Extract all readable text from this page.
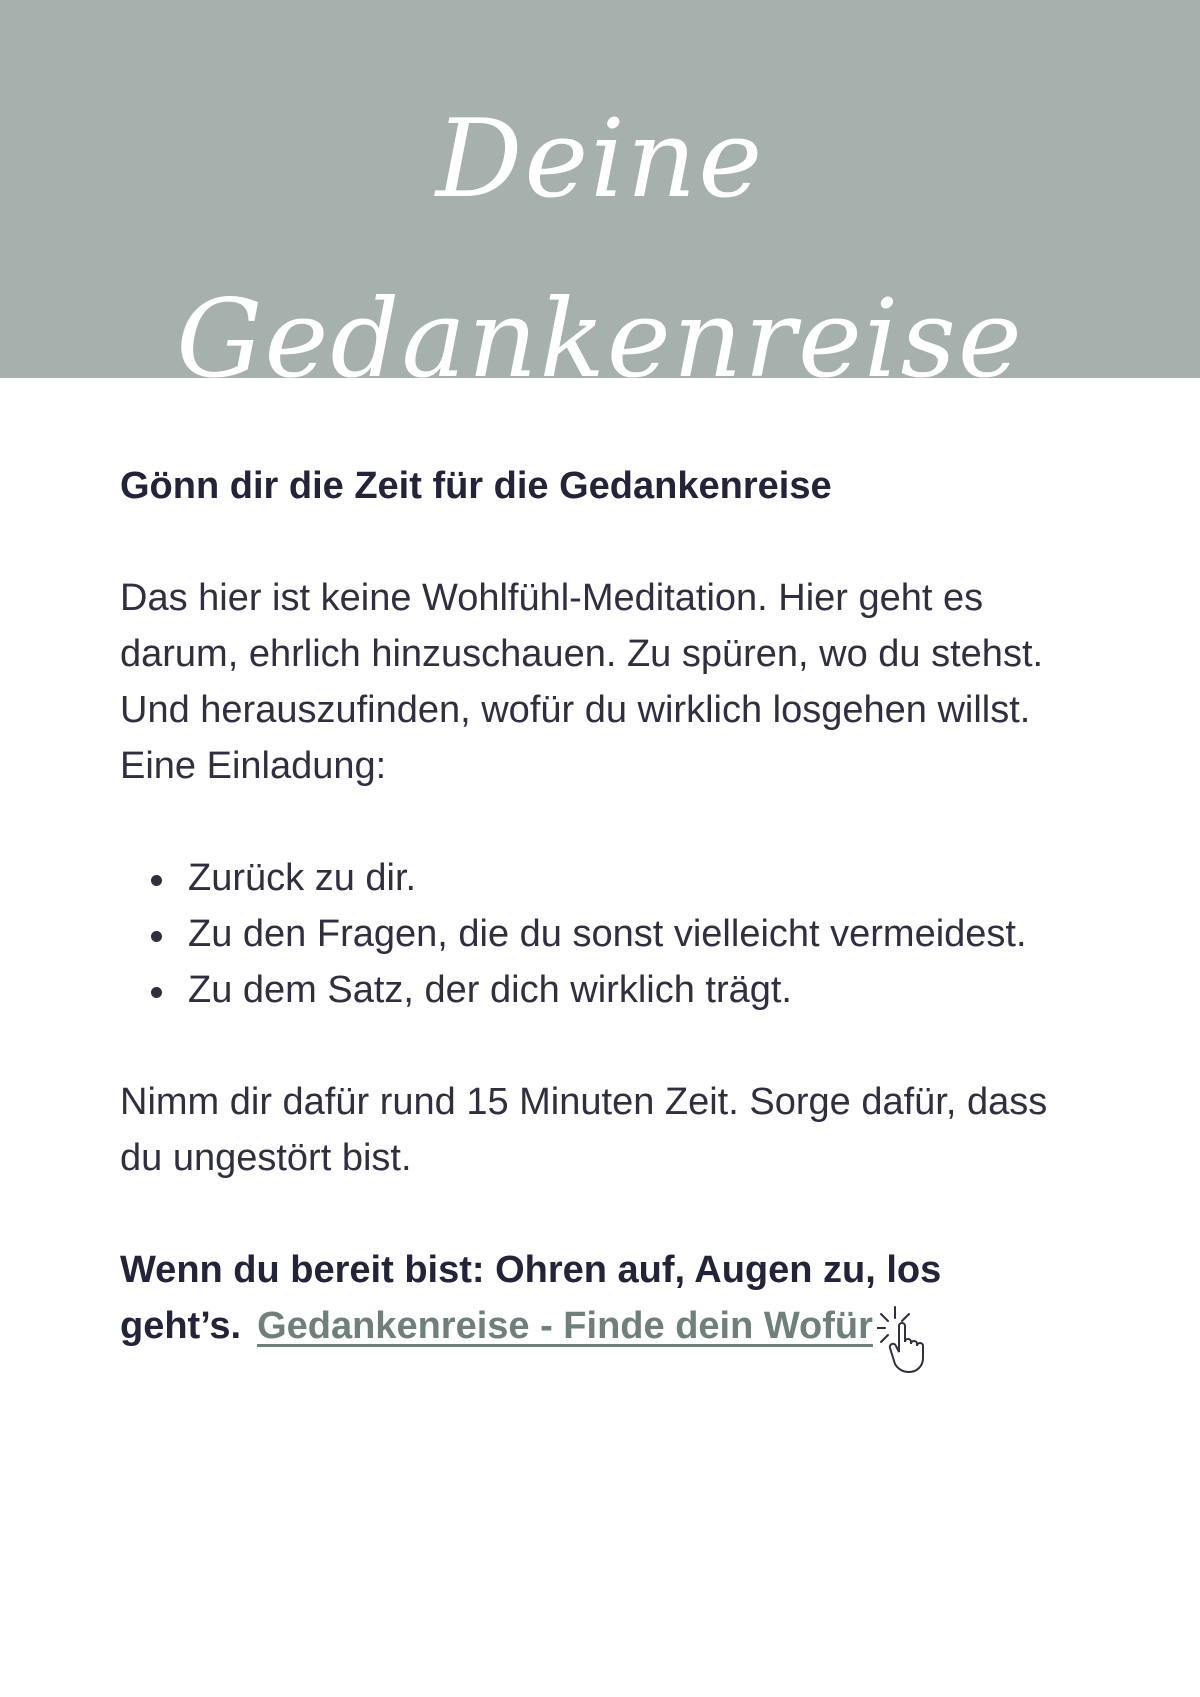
Deine Gedankenreise

Gönn dir die Zeit für die Gedankenreise

Das hier ist keine Wohlfühl-Meditation. Hier geht es darum, ehrlich hinzuschauen. Zu spüren, wo du stehst. Und herauszufinden, wofür du wirklich losgehen willst. Eine Einladung:

Zurück zu dir.
Zu den Fragen, die du sonst vielleicht vermeidest.
Zu dem Satz, der dich wirklich trägt.

Nimm dir dafür rund 15 Minuten Zeit. Sorge dafür, dass du ungestört bist.

Wenn du bereit bist: Ohren auf, Augen zu, los geht’s. Gedankenreise - Finde dein Wofür
